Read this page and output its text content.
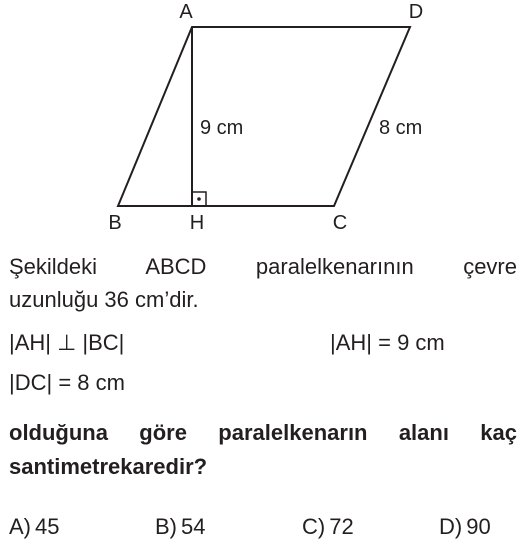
A	D
B	H	C
9 cm	8 cm
Şekildeki ABCD paralelkenarının çevre
uzunluğu 36 cm’dir.
|AH| ⊥ |BC|	|AH| = 9 cm
|DC| = 8 cm
olduğuna göre paralelkenarın alanı kaç
santimetrekaredir?
A) 45	B) 54	C) 72	D) 90
